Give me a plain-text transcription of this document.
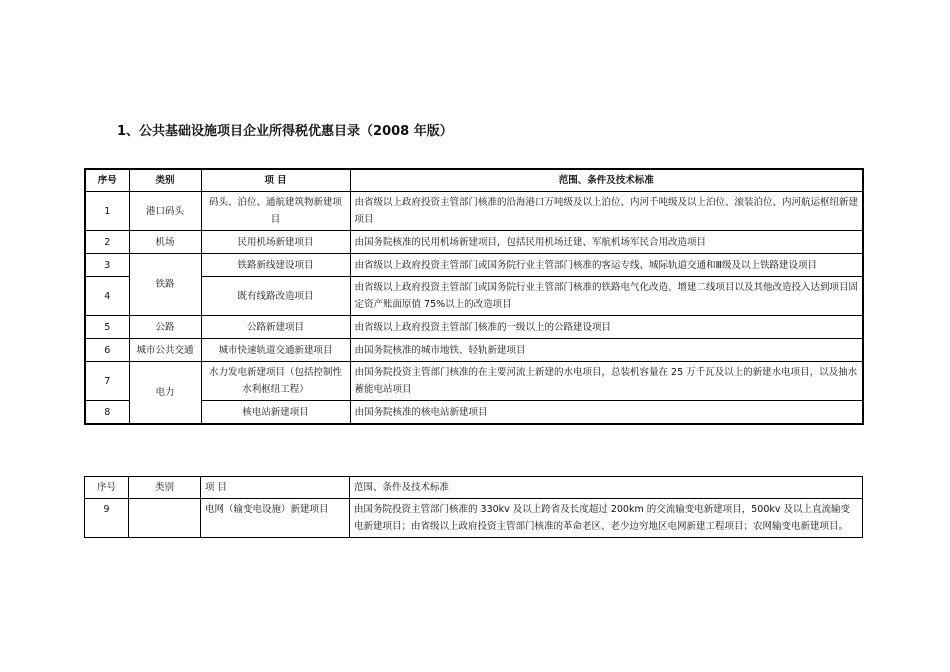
1、公共基础设施项目企业所得税优惠目录（2008 年版）
序号	类别	项 目	范围、条件及技术标准
1	港口码头	码头、泊位、通航建筑物新建项目	由省级以上政府投资主管部门核准的沿海港口万吨级及以上泊位、内河千吨级及以上泊位、滚装泊位、内河航运枢纽新建项目
2	机场	民用机场新建项目	由国务院核准的民用机场新建项目，包括民用机场迁建、军航机场军民合用改造项目
3	铁路	铁路新线建设项目	由省级以上政府投资主管部门或国务院行业主管部门核准的客运专线、城际轨道交通和Ⅲ级及以上铁路建设项目
4		既有线路改造项目	由省级以上政府投资主管部门或国务院行业主管部门核准的铁路电气化改造、增建二线项目以及其他改造投入达到项目固定资产账面原值 75%以上的改造项目
5	公路	公路新建项目	由省级以上政府投资主管部门核准的一级以上的公路建设项目
6	城市公共交通	城市快速轨道交通新建项目	由国务院核准的城市地铁、轻轨新建项目
7	电力	水力发电新建项目（包括控制性水利枢纽工程）	由国务院投资主管部门核准的在主要河流上新建的水电项目，总装机容量在 25 万千瓦及以上的新建水电项目，以及抽水蓄能电站项目
8		核电站新建项目	由国务院核准的核电站新建项目
序号	类别	项 目	范围、条件及技术标准
9		电网（输变电设施）新建项目	由国务院投资主管部门核准的 330kv 及以上跨省及长度超过 200km 的交流输变电新建项目，500kv 及以上直流输变电新建项目；由省级以上政府投资主管部门核准的革命老区、老少边穷地区电网新建工程项目；农网输变电新建项目。
